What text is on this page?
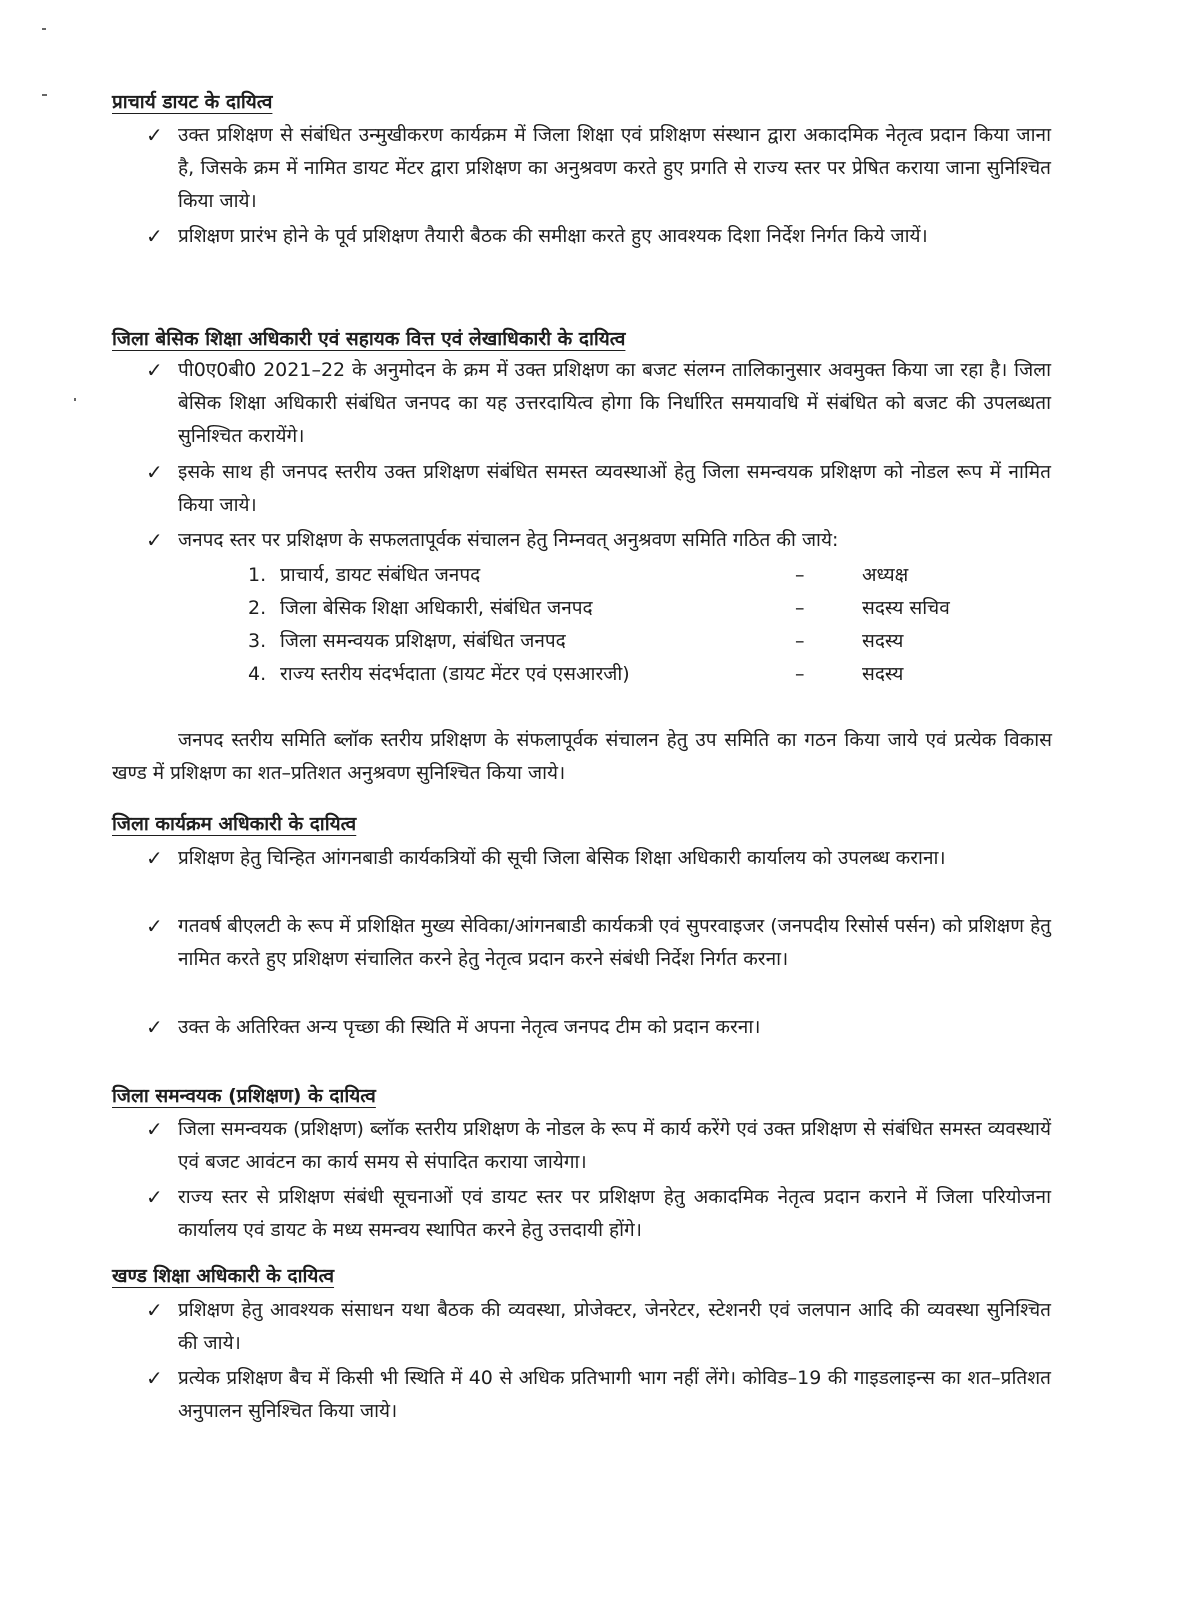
प्राचार्य डायट के दायित्व
✓ उक्त प्रशिक्षण से संबंधित उन्मुखीकरण कार्यक्रम में जिला शिक्षा एवं प्रशिक्षण संस्थान द्वारा अकादमिक नेतृत्व प्रदान किया जाना है, जिसके क्रम में नामित डायट मेंटर द्वारा प्रशिक्षण का अनुश्रवण करते हुए प्रगति से राज्य स्तर पर प्रेषित कराया जाना सुनिश्चित किया जाये।
✓ प्रशिक्षण प्रारंभ होने के पूर्व प्रशिक्षण तैयारी बैठक की समीक्षा करते हुए आवश्यक दिशा निर्देश निर्गत किये जायें।
जिला बेसिक शिक्षा अधिकारी एवं सहायक वित्त एवं लेखाधिकारी के दायित्व
✓ पी0ए0बी0 2021–22 के अनुमोदन के क्रम में उक्त प्रशिक्षण का बजट संलग्न तालिकानुसार अवमुक्त किया जा रहा है। जिला बेसिक शिक्षा अधिकारी संबंधित जनपद का यह उत्तरदायित्व होगा कि निर्धारित समयावधि में संबंधित को बजट की उपलब्धता सुनिश्चित करायेंगे।
✓ इसके साथ ही जनपद स्तरीय उक्त प्रशिक्षण संबंधित समस्त व्यवस्थाओं हेतु जिला समन्वयक प्रशिक्षण को नोडल रूप में नामित किया जाये।
✓ जनपद स्तर पर प्रशिक्षण के सफलतापूर्वक संचालन हेतु निम्नवत् अनुश्रवण समिति गठित की जाये:
1. प्राचार्य, डायट संबंधित जनपद	–	अध्यक्ष
2. जिला बेसिक शिक्षा अधिकारी, संबंधित जनपद	–	सदस्य सचिव
3. जिला समन्वयक प्रशिक्षण, संबंधित जनपद	–	सदस्य
4. राज्य स्तरीय संदर्भदाता (डायट मेंटर एवं एसआरजी)	–	सदस्य
जनपद स्तरीय समिति ब्लॉक स्तरीय प्रशिक्षण के संफलापूर्वक संचालन हेतु उप समिति का गठन किया जाये एवं प्रत्येक विकास खण्ड में प्रशिक्षण का शत–प्रतिशत अनुश्रवण सुनिश्चित किया जाये।
जिला कार्यक्रम अधिकारी के दायित्व
✓ प्रशिक्षण हेतु चिन्हित आंगनबाडी कार्यकत्रियों की सूची जिला बेसिक शिक्षा अधिकारी कार्यालय को उपलब्ध कराना।
✓ गतवर्ष बीएलटी के रूप में प्रशिक्षित मुख्य सेविका/आंगनबाडी कार्यकत्री एवं सुपरवाइजर (जनपदीय रिसोर्स पर्सन) को प्रशिक्षण हेतु नामित करते हुए प्रशिक्षण संचालित करने हेतु नेतृत्व प्रदान करने संबंधी निर्देश निर्गत करना।
✓ उक्त के अतिरिक्त अन्य पृच्छा की स्थिति में अपना नेतृत्व जनपद टीम को प्रदान करना।
जिला समन्वयक (प्रशिक्षण) के दायित्व
✓ जिला समन्वयक (प्रशिक्षण) ब्लॉक स्तरीय प्रशिक्षण के नोडल के रूप में कार्य करेंगे एवं उक्त प्रशिक्षण से संबंधित समस्त व्यवस्थायें एवं बजट आवंटन का कार्य समय से संपादित कराया जायेगा।
✓ राज्य स्तर से प्रशिक्षण संबंधी सूचनाओं एवं डायट स्तर पर प्रशिक्षण हेतु अकादमिक नेतृत्व प्रदान कराने में जिला परियोजना कार्यालय एवं डायट के मध्य समन्वय स्थापित करने हेतु उत्तदायी होंगे।
खण्ड शिक्षा अधिकारी के दायित्व
✓ प्रशिक्षण हेतु आवश्यक संसाधन यथा बैठक की व्यवस्था, प्रोजेक्टर, जेनरेटर, स्टेशनरी एवं जलपान आदि की व्यवस्था सुनिश्चित की जाये।
✓ प्रत्येक प्रशिक्षण बैच में किसी भी स्थिति में 40 से अधिक प्रतिभागी भाग नहीं लेंगे। कोविड–19 की गाइडलाइन्स का शत–प्रतिशत अनुपालन सुनिश्चित किया जाये।
